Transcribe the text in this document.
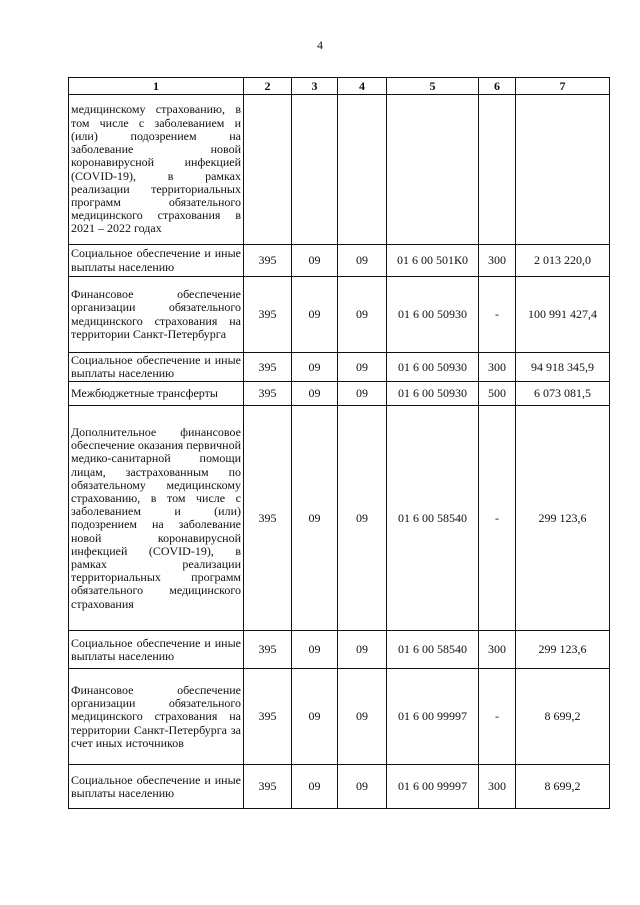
4
1	2	3	4	5	6	7
медицинскому страхованию, в том числе с заболеванием и (или) подозрением на заболевание новой коронавирусной инфекцией (COVID-19), в рамках реализации территориальных программ обязательного медицинского страхования в 2021 – 2022 годах						
Социальное обеспечение и иные выплаты населению	395	09	09	01 6 00 501К0	300	2 013 220,0
Финансовое обеспечение организации обязательного медицинского страхования на территории Санкт-Петербурга	395	09	09	01 6 00 50930	-	100 991 427,4
Социальное обеспечение и иные выплаты населению	395	09	09	01 6 00 50930	300	94 918 345,9
Межбюджетные трансферты	395	09	09	01 6 00 50930	500	6 073 081,5
Дополнительное финансовое обеспечение оказания первичной медико-санитарной помощи лицам, застрахованным по обязательному медицинскому страхованию, в том числе с заболеванием и (или) подозрением на заболевание новой коронавирусной инфекцией (COVID-19), в рамках реализации территориальных программ обязательного медицинского страхования	395	09	09	01 6 00 58540	-	299 123,6
Социальное обеспечение и иные выплаты населению	395	09	09	01 6 00 58540	300	299 123,6
Финансовое обеспечение организации обязательного медицинского страхования на территории Санкт-Петербурга за счет иных источников	395	09	09	01 6 00 99997	-	8 699,2
Социальное обеспечение и иные выплаты населению	395	09	09	01 6 00 99997	300	8 699,2
